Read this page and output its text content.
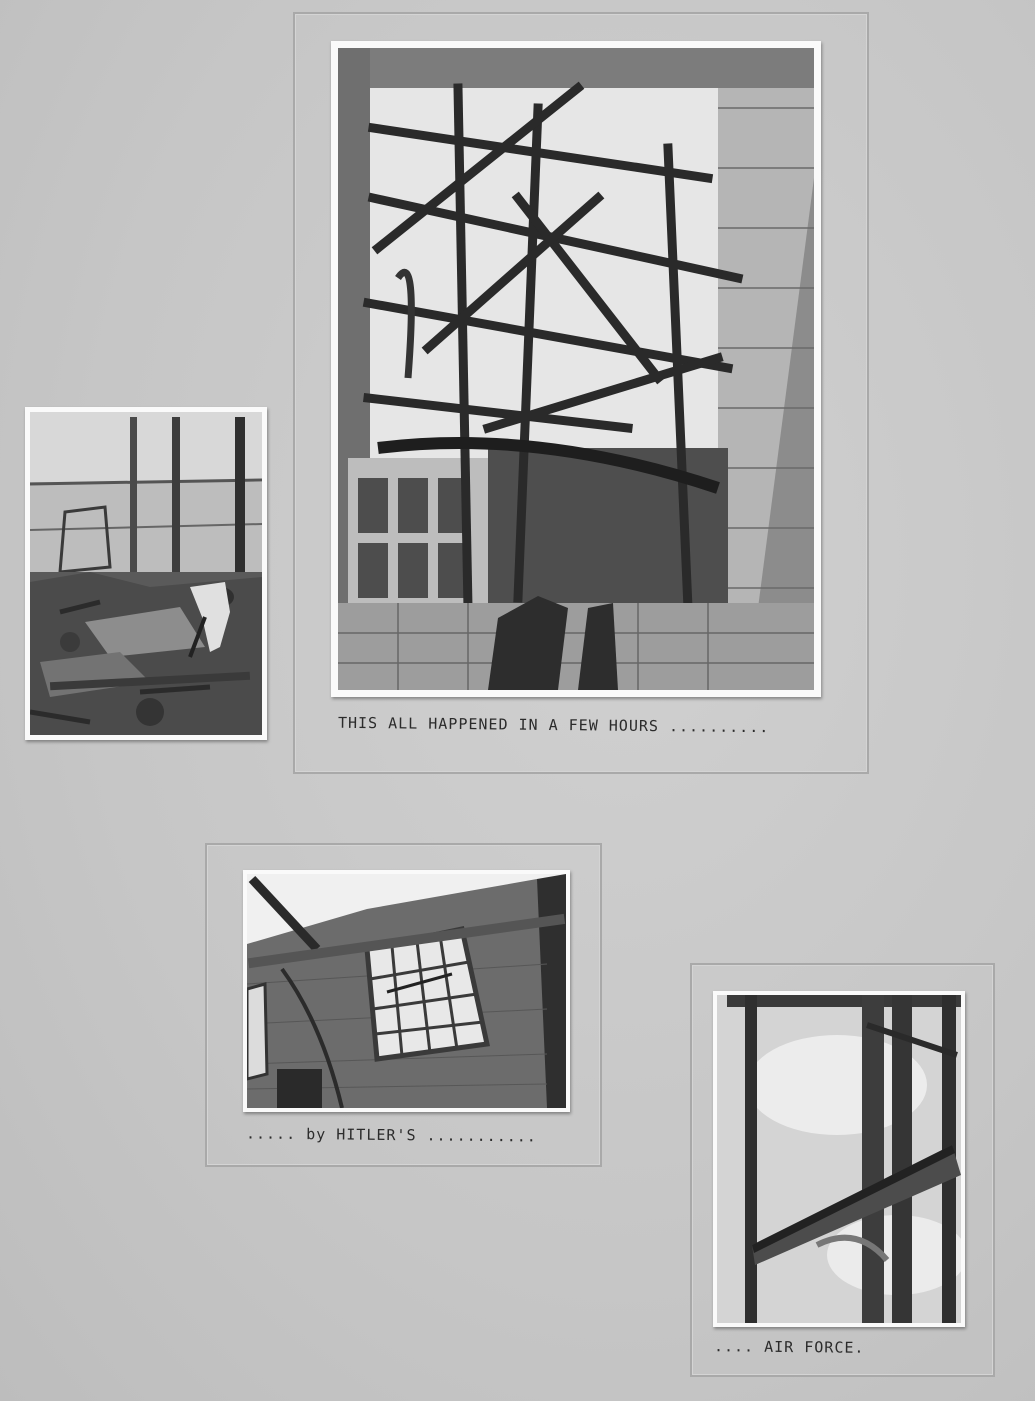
THIS ALL HAPPENED IN A FEW HOURS ..........
..... by HITLER'S ...........
.... AIR FORCE.
